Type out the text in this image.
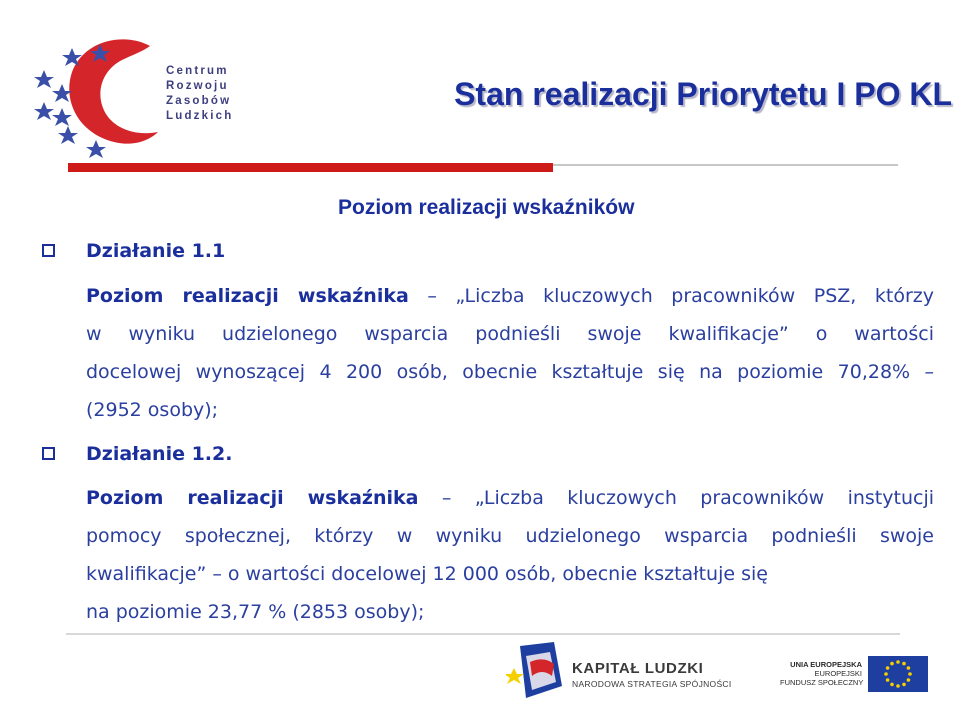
Centrum
Rozwoju
Zasobów
Ludzkich
Stan realizacji Priorytetu I PO KL
Poziom realizacji wskaźników
Działanie 1.1
Poziom realizacji wskaźnika – „Liczba kluczowych pracowników PSZ, którzy
w wyniku udzielonego wsparcia podnieśli swoje kwalifikacje” o wartości
docelowej wynoszącej 4 200 osób, obecnie kształtuje się na poziomie 70,28% –
(2952 osoby);
Działanie 1.2.
Poziom realizacji wskaźnika – „Liczba kluczowych pracowników instytucji
pomocy społecznej, którzy w wyniku udzielonego wsparcia podnieśli swoje
kwalifikacje” – o wartości docelowej 12 000 osób, obecnie kształtuje się
na poziomie 23,77 % (2853 osoby);
KAPITAŁ LUDZKI
NARODOWA STRATEGIA SPÓJNOŚCI
UNIA EUROPEJSKA
EUROPEJSKI
FUNDUSZ SPOŁECZNY
